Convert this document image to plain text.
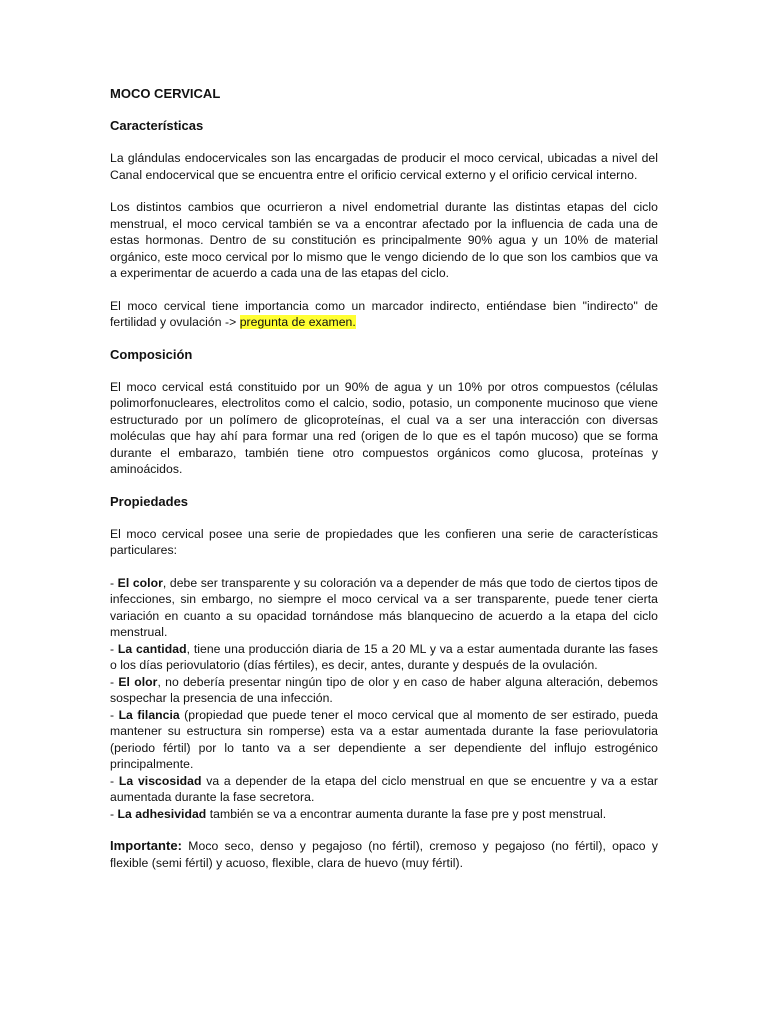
MOCO CERVICAL
Características

La glándulas endocervicales son las encargadas de producir el moco cervical, ubicadas a nivel del Canal endocervical que se encuentra entre el orificio cervical externo y el orificio cervical interno.

Los distintos cambios que ocurrieron a nivel endometrial durante las distintas etapas del ciclo menstrual, el moco cervical también se va a encontrar afectado por la influencia de cada una de estas hormonas. Dentro de su constitución es principalmente 90% agua y un 10% de material orgánico, este moco cervical por lo mismo que le vengo diciendo de lo que son los cambios que va a experimentar de acuerdo a cada una de las etapas del ciclo.

El moco cervical tiene importancia como un marcador indirecto, entiéndase bien "indirecto" de fertilidad y ovulación -> pregunta de examen.

Composición

El moco cervical está constituido por un 90% de agua y un 10% por otros compuestos (células polimorfonucleares, electrolitos como el calcio, sodio, potasio, un componente mucinoso que viene estructurado por un polímero de glicoproteínas, el cual va a ser una interacción con diversas moléculas que hay ahí para formar una red (origen de lo que es el tapón mucoso) que se forma durante el embarazo, también tiene otro compuestos orgánicos como glucosa, proteínas y aminoácidos.

Propiedades

El moco cervical posee una serie de propiedades que les confieren una serie de características particulares:

- El color, debe ser transparente y su coloración va a depender de más que todo de ciertos tipos de infecciones, sin embargo, no siempre el moco cervical va a ser transparente, puede tener cierta variación en cuanto a su opacidad tornándose más blanquecino de acuerdo a la etapa del ciclo menstrual.

- La cantidad, tiene una producción diaria de 15 a 20 ML y va a estar aumentada durante las fases o los días periovulatorio (días fértiles), es decir, antes, durante y después de la ovulación.

- El olor, no debería presentar ningún tipo de olor y en caso de haber alguna alteración, debemos sospechar la presencia de una infección.

- La filancia (propiedad que puede tener el moco cervical que al momento de ser estirado, pueda mantener su estructura sin romperse) esta va a estar aumentada durante la fase periovulatoria (periodo fértil) por lo tanto va a ser dependiente a ser dependiente del influjo estrogénico principalmente.

- La viscosidad va a depender de la etapa del ciclo menstrual en que se encuentre y va a estar aumentada durante la fase secretora.

- La adhesividad también se va a encontrar aumenta durante la fase pre y post menstrual.

Importante: Moco seco, denso y pegajoso (no fértil), cremoso y pegajoso (no fértil), opaco y flexible (semi fértil) y acuoso, flexible, clara de huevo (muy fértil).
